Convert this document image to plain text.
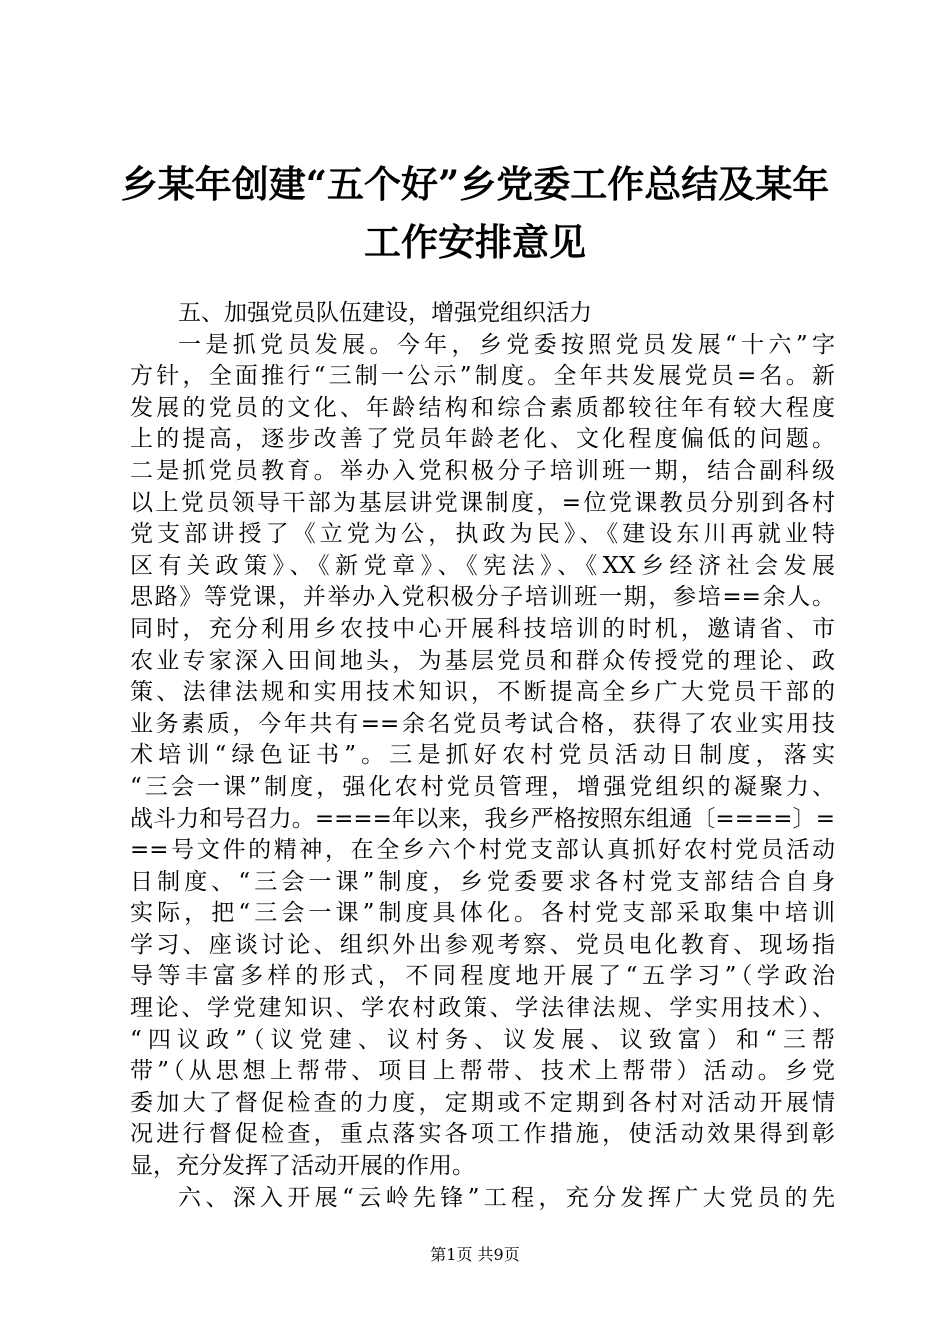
乡某年创建“五个好”乡党委工作总结及某年
工作安排意见
五、加强党员队伍建设，增强党组织活力
一是抓党员发展。今年，乡党委按照党员发展“十六”字
方针，全面推行“三制一公示”制度。全年共发展党员=名。新
发展的党员的文化、年龄结构和综合素质都较往年有较大程度
上的提高，逐步改善了党员年龄老化、文化程度偏低的问题。
二是抓党员教育。举办入党积极分子培训班一期，结合副科级
以上党员领导干部为基层讲党课制度，=位党课教员分别到各村
党支部讲授了《立党为公，执政为民》、《建设东川再就业特
区有关政策》、《新党章》、《宪法》、《XX乡经济社会发展
思路》等党课，并举办入党积极分子培训班一期，参培==余人。
同时，充分利用乡农技中心开展科技培训的时机，邀请省、市
农业专家深入田间地头，为基层党员和群众传授党的理论、政
策、法律法规和实用技术知识，不断提高全乡广大党员干部的
业务素质，今年共有==余名党员考试合格，获得了农业实用技
术培训“绿色证书”。三是抓好农村党员活动日制度，落实
“三会一课”制度，强化农村党员管理，增强党组织的凝聚力、
战斗力和号召力。====年以来，我乡严格按照东组通〔====〕=
==号文件的精神，在全乡六个村党支部认真抓好农村党员活动
日制度、“三会一课”制度，乡党委要求各村党支部结合自身
实际，把“三会一课”制度具体化。各村党支部采取集中培训
学习、座谈讨论、组织外出参观考察、党员电化教育、现场指
导等丰富多样的形式，不同程度地开展了“五学习”（学政治
理论、学党建知识、学农村政策、学法律法规、学实用技术）、
“四议政”（议党建、议村务、议发展、议致富）和“三帮
带”（从思想上帮带、项目上帮带、技术上帮带）活动。乡党
委加大了督促检查的力度，定期或不定期到各村对活动开展情
况进行督促检查，重点落实各项工作措施，使活动效果得到彰
显，充分发挥了活动开展的作用。
六、深入开展“云岭先锋”工程，充分发挥广大党员的先
第1页 共9页
